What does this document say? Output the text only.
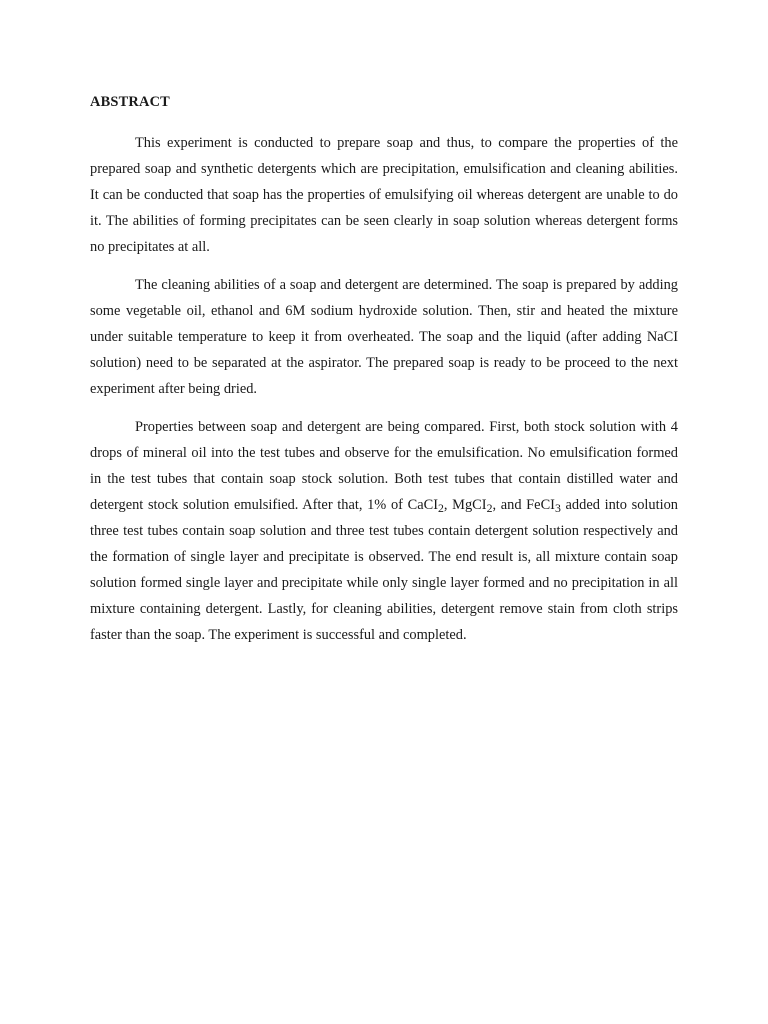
ABSTRACT

This experiment is conducted to prepare soap and thus, to compare the properties of the prepared soap and synthetic detergents which are precipitation, emulsification and cleaning abilities. It can be conducted that soap has the properties of emulsifying oil whereas detergent are unable to do it. The abilities of forming precipitates can be seen clearly in soap solution whereas detergent forms no precipitates at all.

The cleaning abilities of a soap and detergent are determined. The soap is prepared by adding some vegetable oil, ethanol and 6M sodium hydroxide solution. Then, stir and heated the mixture under suitable temperature to keep it from overheated. The soap and the liquid (after adding NaCI solution) need to be separated at the aspirator. The prepared soap is ready to be proceed to the next experiment after being dried.

Properties between soap and detergent are being compared. First, both stock solution with 4 drops of mineral oil into the test tubes and observe for the emulsification. No emulsification formed in the test tubes that contain soap stock solution. Both test tubes that contain distilled water and detergent stock solution emulsified. After that, 1% of CaCI$_2$, MgCI$_2$, and FeCI$_3$ added into solution three test tubes contain soap solution and three test tubes contain detergent solution respectively and the formation of single layer and precipitate is observed. The end result is, all mixture contain soap solution formed single layer and precipitate while only single layer formed and no precipitation in all mixture containing detergent. Lastly, for cleaning abilities, detergent remove stain from cloth strips faster than the soap. The experiment is successful and completed.
